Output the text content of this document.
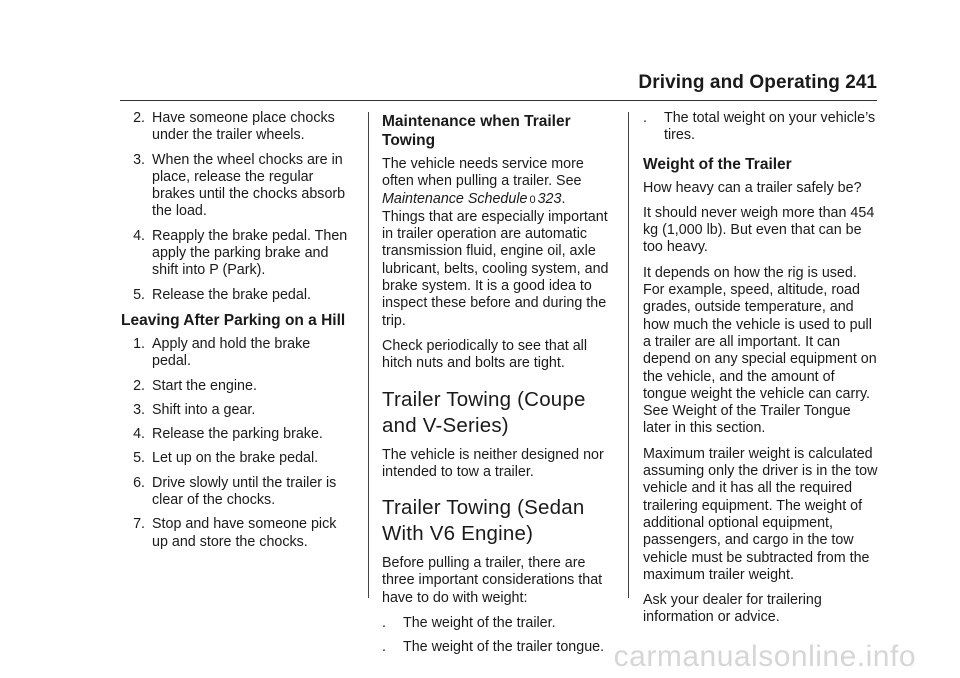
Driving and Operating 241
2. Have someone place chocks under the trailer wheels.
3. When the wheel chocks are in place, release the regular brakes until the chocks absorb the load.
4. Reapply the brake pedal. Then apply the parking brake and shift into P (Park).
5. Release the brake pedal.
Leaving After Parking on a Hill
1. Apply and hold the brake pedal.
2. Start the engine.
3. Shift into a gear.
4. Release the parking brake.
5. Let up on the brake pedal.
6. Drive slowly until the trailer is clear of the chocks.
7. Stop and have someone pick up and store the chocks.
Maintenance when Trailer Towing

The vehicle needs service more often when pulling a trailer. See Maintenance Schedule 0 323. Things that are especially important in trailer operation are automatic transmission fluid, engine oil, axle lubricant, belts, cooling system, and brake system. It is a good idea to inspect these before and during the trip.

Check periodically to see that all hitch nuts and bolts are tight.

Trailer Towing (Coupe and V-Series)

The vehicle is neither designed nor intended to tow a trailer.

Trailer Towing (Sedan With V6 Engine)

Before pulling a trailer, there are three important considerations that have to do with weight:

.	The weight of the trailer.
.	The weight of the trailer tongue.
.	The total weight on your vehicle’s tires.
Weight of the Trailer

How heavy can a trailer safely be?

It should never weigh more than 454 kg (1,000 lb). But even that can be too heavy.

It depends on how the rig is used. For example, speed, altitude, road grades, outside temperature, and how much the vehicle is used to pull a trailer are all important. It can depend on any special equipment on the vehicle, and the amount of tongue weight the vehicle can carry. See Weight of the Trailer Tongue later in this section.

Maximum trailer weight is calculated assuming only the driver is in the tow vehicle and it has all the required trailering equipment. The weight of additional optional equipment, passengers, and cargo in the tow vehicle must be subtracted from the maximum trailer weight.

Ask your dealer for trailering information or advice.

carmanualsonline.info
